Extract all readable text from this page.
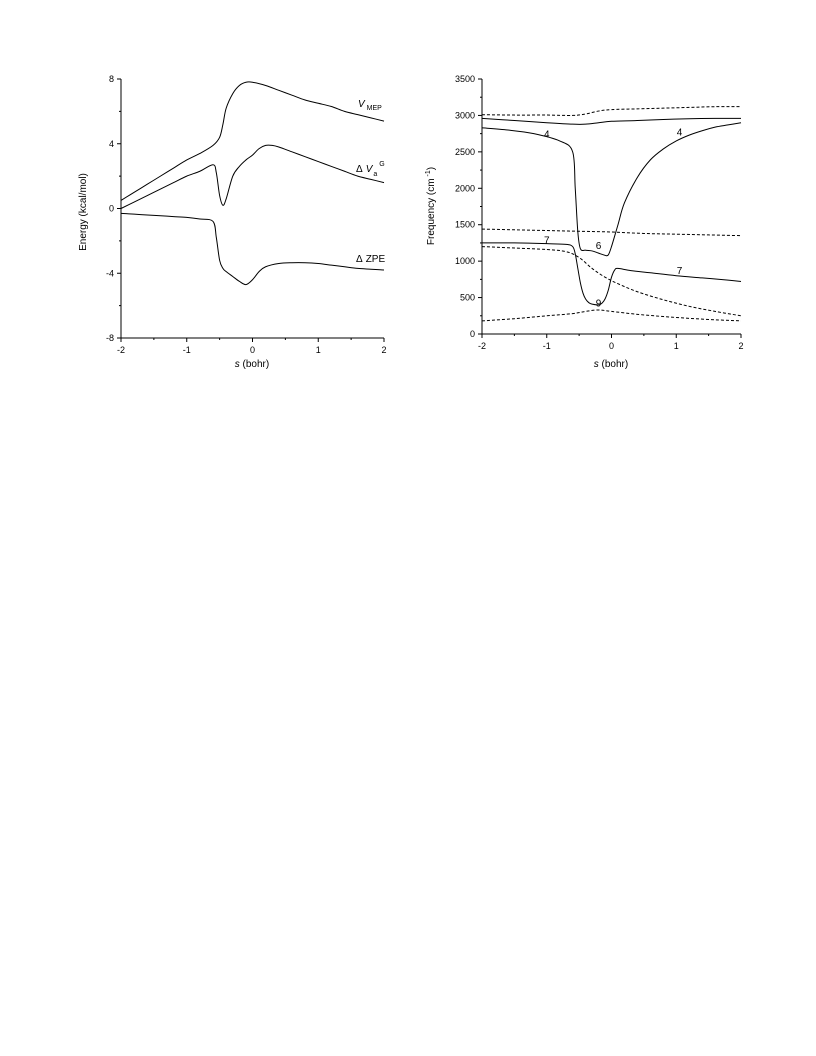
-8
-4
0
4
8
-2	-1	0	1	2
Energy (kcal/mol)
s (bohr)
V $_{MEP}$
Δ $V_a^G$
Δ ZPE
0
500
1000
1500
2000
2500
3000
3500
-2	-1	0	1	2
4	4
7
6
7
9
Frequency (cm $^{-1}$)
s (bohr)
